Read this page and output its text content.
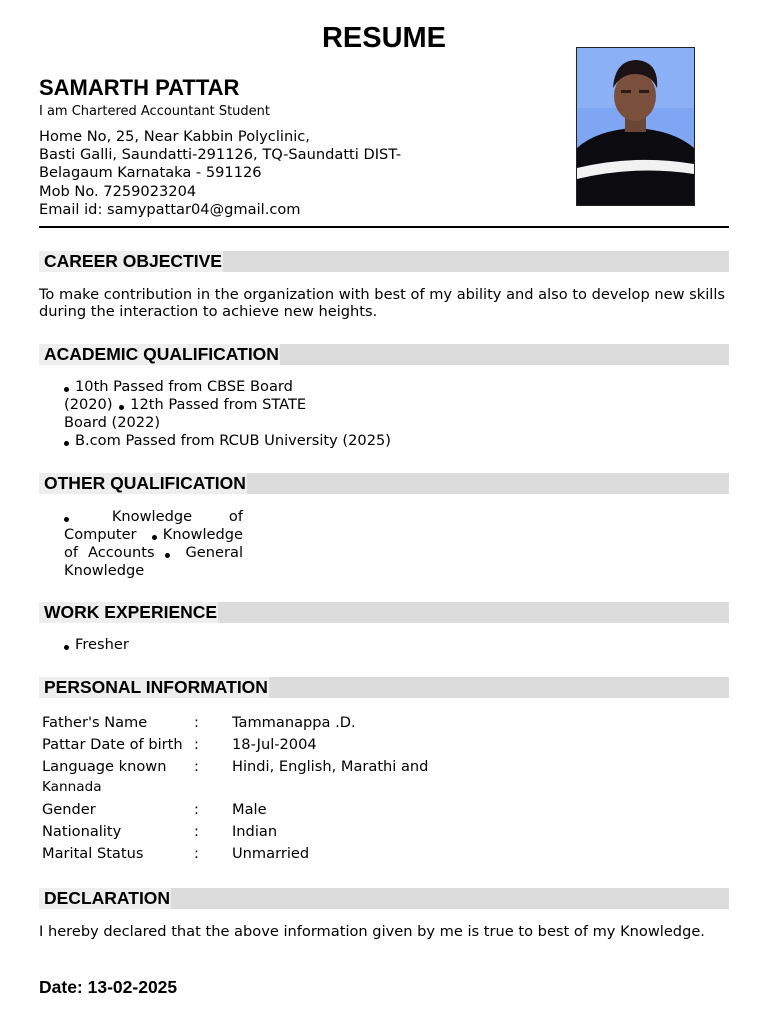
RESUME
SAMARTH PATTAR
I am Chartered Accountant Student
Home No, 25, Near Kabbin Polyclinic,
Basti Galli, Saundatti-291126, TQ-Saundatti DIST-
Belagaum Karnataka - 591126
Mob No. 7259023204
Email id: samypattar04@gmail.com
CAREER OBJECTIVE
To make contribution in the organization with best of my ability and also to develop new skills during the interaction to achieve new heights.
ACADEMIC QUALIFICATION
10th Passed from CBSE Board (2020) 12th Passed from STATE Board (2022)
B.com Passed from RCUB University (2025)
OTHER QUALIFICATION
Knowledge of Computer Knowledge of Accounts General Knowledge
WORK EXPERIENCE
Fresher
PERSONAL INFORMATION
Father's Name	: Tammanappa .D.
Pattar Date of birth : 18-Jul-2004
Language known : Hindi, English, Marathi and
Kannada
Gender	: Male
Nationality	: Indian
Marital Status	: Unmarried
DECLARATION
I hereby declared that the above information given by me is true to best of my Knowledge.
Date: 13-02-2025
